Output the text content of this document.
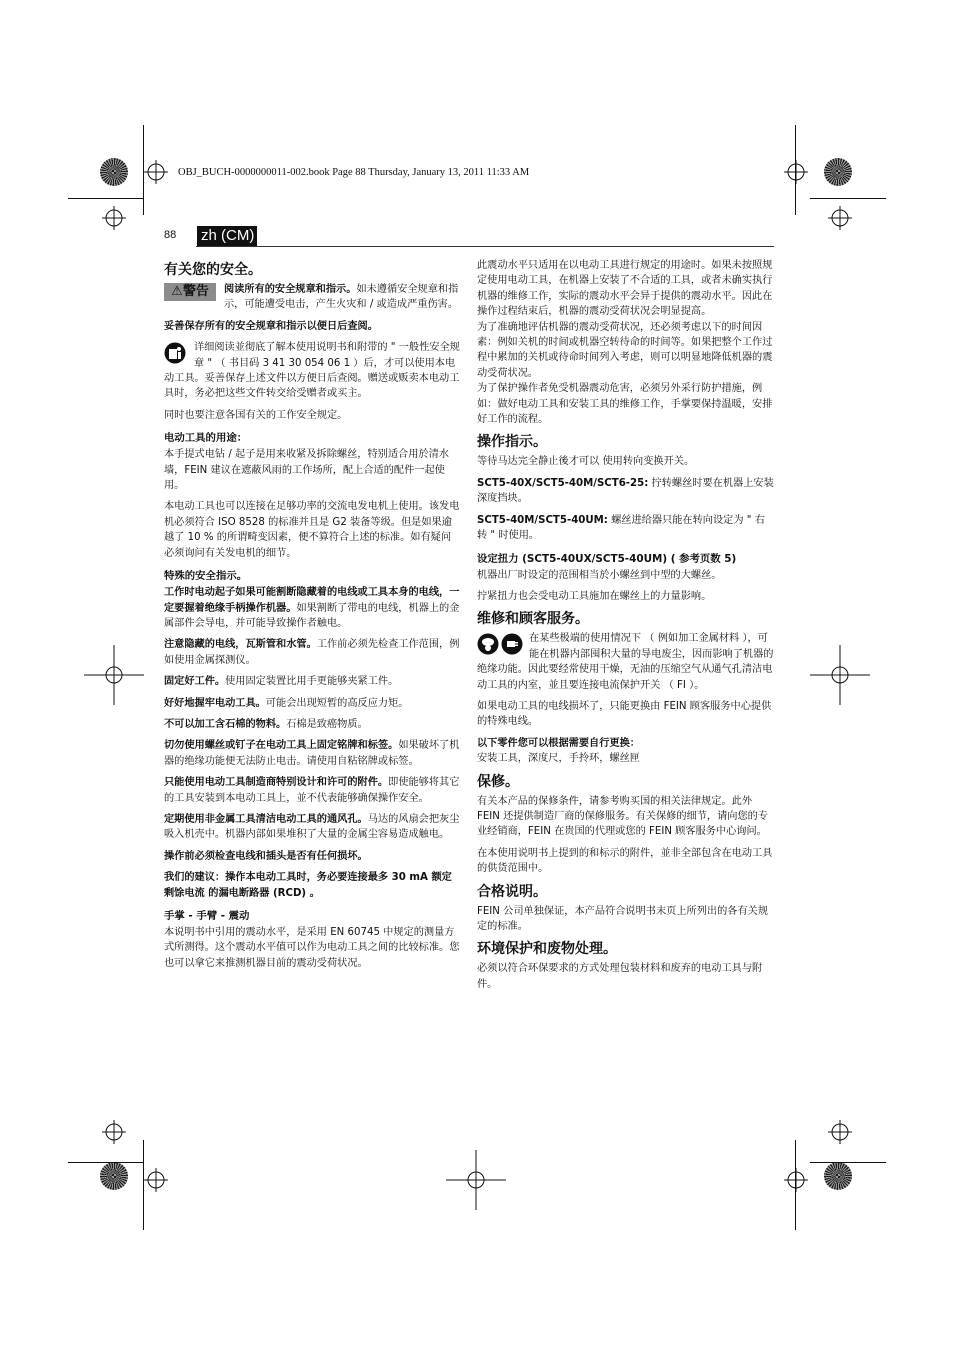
OBJ_BUCH-0000000011-002.book Page 88 Thursday, January 13, 2011 11:33 AM
88 zh (CM)
有关您的安全。

⚠警告	阅读所有的安全规章和指示。如未遵循安全规章和指示，可能遭受电击，产生火灾和 / 或造成严重伤害。

妥善保存所有的安全规章和指示以便日后查阅。

详细阅读並彻底了解本使用说明书和附带的 " 一般性安全规章 " （ 书目码 3 41 30 054 06 1 ）后，才可以使用本电动工具。妥善保存上述文件以方便日后查阅。赠送或贩卖本电动工具时，务必把这些文件转交给受赠者或买主。

同时也要注意各国有关的工作安全规定。

电动工具的用途：

本手提式电钻 / 起子是用来收紧及拆除螺丝，特别适合用於清水墙，FEIN 建议在遮蔽风雨的工作场所，配上合适的配件一起使用。

本电动工具也可以连接在足够功率的交流电发电机上使用。该发电机必须符合 ISO 8528 的标准并且是 G2 装备等级。但是如果逾越了 10 % 的所谓畸变因素，便不算符合上述的标准。如有疑问必须询问有关发电机的细节。

特殊的安全指示。

工作时电动起子如果可能割断隐藏着的电线或工具本身的电线，一定要握着绝缘手柄操作机器。如果割断了带电的电线，机器上的金属部件会导电，并可能导致操作者触电。

注意隐藏的电线，瓦斯管和水管。工作前必须先检查工作范围，例如使用金属探测仪。

固定好工件。使用固定装置比用手更能够夹紧工件。

好好地握牢电动工具。可能会出现短暂的高反应力矩。

不可以加工含石棉的物料。石棉是致癌物质。

切勿使用螺丝或钉子在电动工具上固定铭牌和标签。如果破坏了机器的绝缘功能便无法防止电击。请使用自粘铭牌或标签。

只能使用电动工具制造商特别设计和许可的附件。即使能够将其它的工具安装到本电动工具上，並不代表能够确保操作安全。

定期使用非金属工具清洁电动工具的通风孔。马达的风扇会把灰尘吸入机壳中。机器内部如果堆积了大量的金属尘容易造成触电。

操作前必须检查电线和插头是否有任何损坏。

我们的建议：操作本电动工具时，务必要连接最多 30 mA 额定剩馀电流 的漏电断路器 (RCD) 。

手掌 - 手臂 - 震动

本说明书中引用的震动水平，是采用 EN 60745 中规定的测量方式所测得。这个震动水平值可以作为电动工具之间的比较标准。您也可以拿它来推测机器目前的震动受荷状况。

此震动水平只适用在以电动工具进行规定的用途时。如果未按照规定使用电动工具，在机器上安装了不合适的工具，或者未确实执行机器的维修工作，实际的震动水平会异于提供的震动水平。因此在操作过程结束后，机器的震动受荷状况会明显提高。

为了准确地评估机器的震动受荷状况，还必须考虑以下的时间因素：例如关机的时间或机器空转待命的时间等。如果把整个工作过程中累加的关机或待命时间列入考虑，则可以明显地降低机器的震动受荷状况。

为了保护操作者免受机器震动危害，必须另外采行防护措施，例如：做好电动工具和安装工具的维修工作，手掌要保持温暖，安排好工作的流程。

操作指示。

等待马达完全静止後才可以 使用转向变换开关。

SCT5-40X/SCT5-40M/SCT6-25: 拧转螺丝时要在机器上安装深度挡块。

SCT5-40M/SCT5-40UM: 螺丝进给器只能在转向设定为 " 右转 " 时使用。

设定扭力 (SCT5-40UX/SCT5-40UM) ( 参考页数 5)

机器出厂时设定的范围相当於小螺丝到中型的大螺丝。

拧紧扭力也会受电动工具施加在螺丝上的力量影响。

维修和顾客服务。

在某些极端的使用情况下 （ 例如加工金属材料 ），可能在机器内部囤积大量的导电废尘，因而影响了机器的绝缘功能。因此要经常使用干燥，无油的压缩空气从通气孔清洁电动工具的内室，並且要连接电流保护开关 （ FI ）。

如果电动工具的电线损坏了，只能更换由 FEIN 顾客服务中心提供的特殊电线。

以下零件您可以根据需要自行更换：

安装工具，深度尺，手拎环，螺丝匣

保修。

有关本产品的保修条件，请参考购买国的相关法律规定。此外 FEIN 还提供制造厂商的保修服务。有关保修的细节，请向您的专业经销商，FEIN 在贵国的代理或您的 FEIN 顾客服务中心询问。

在本使用说明书上提到的和标示的附件，並非全部包含在电动工具的供货范围中。

合格说明。

FEIN 公司单独保证，本产品符合说明书末页上所列出的各有关规定的标准。

环境保护和废物处理。

必须以符合环保要求的方式处理包装材料和废弃的电动工具与附件。
